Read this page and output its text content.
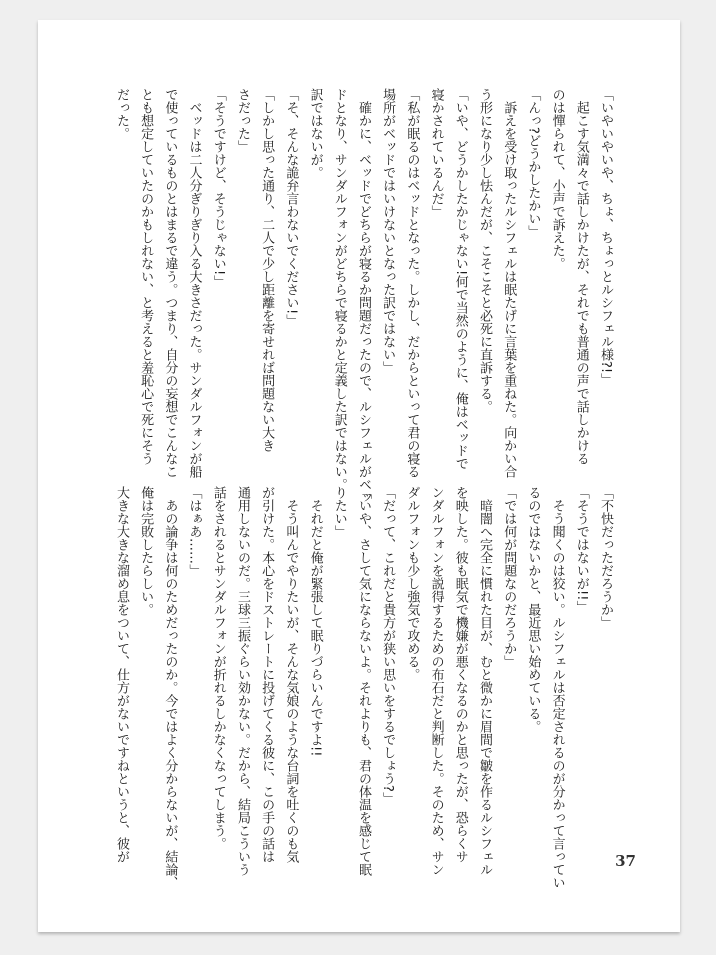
「いやいやいや、ちょ、ちょっとルシフェル様?!」
　起こす気満々で話しかけたが、それでも普通の声で話しかける
のは憚られて、小声で訴えた。
「んっ?どうかしたかい」
　訴えを受け取ったルシフェルは眠たげに言葉を重ねた。向かい合
う形になり少し怯んだが、こそこそと必死に直訴する。
「いや、どうかしたかじゃない!何で当然のように、俺はベッドで
寝かされているんだ」
「私が眠るのはベッドとなった。しかし、だからといって君の寝る
場所がベッドではいけないとなった訳ではない」
　確かに、ベッドでどちらが寝るか問題だったので、ルシフェルがベッ
ドとなり、サンダルフォンがどちらで寝るかと定義した訳ではない。
訳ではないが。
「そ、そんな詭弁言わないでください!」
「しかし思った通り、二人で少し距離を寄せれば問題ない大き
さだった」
「そうですけど、そうじゃない!」
　ベッドは二人分ぎりぎり入る大きさだった。サンダルフォンが船
で使っているものとはまるで違う。つまり、自分の妄想でこんなこ
とも想定していたのかもしれない、と考えると羞恥心で死にそう
だった。
「不快だっただろうか」
「そうではないが!!」
　そう聞くのは狡い。ルシフェルは否定されるのが分かって言ってい
るのではないかと、最近思い始めている。
「では何が問題なのだろうか」
　暗闇へ完全に慣れた目が、むと微かに眉間で皺を作るルシフェル
を映した。彼も眠気で機嫌が悪くなるのかと思ったが、恐らくサ
ンダルフォンを説得するための布石だと判断した。そのため、サン
ダルフォンも少し強気で攻める。
「だって、これだと貴方が狭い思いをするでしょう?」
「いや、さして気にならないよ。それよりも、君の体温を感じて眠
りたい」
　それだと俺が緊張して眠りづらいんですよ!!
　そう叫んでやりたいが、そんな気娘のような台詞を吐くのも気
が引けた。本心をドストレートに投げてくる彼に、この手の話は
通用しないのだ。三球三振ぐらい効かない。だから、結局こういう
話をされるとサンダルフォンが折れるしかなくなってしまう。
「はぁあ……」
　あの論争は何のためだったのか。今ではよく分からないが、結論、
俺は完敗したらしい。
大きな大きな溜め息をついて、仕方がないですねというと、彼が	37
